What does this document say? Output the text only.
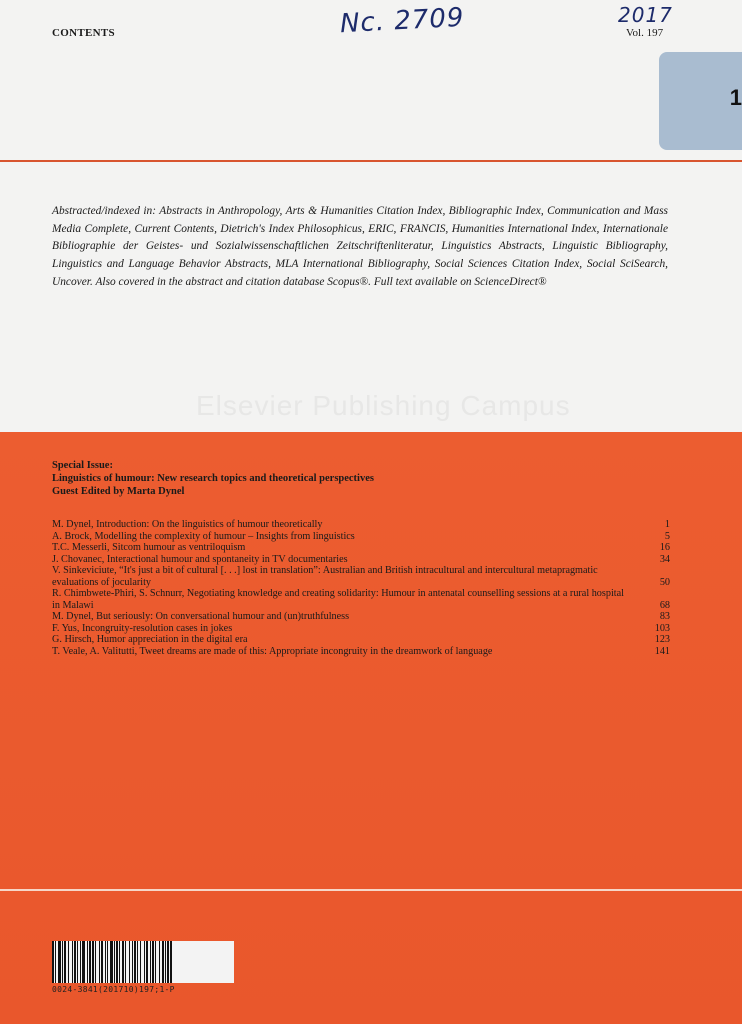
CONTENTS	Nc. 2709	2017
Vol. 197
1
Abstracted/indexed in: Abstracts in Anthropology, Arts & Humanities Citation Index, Bibliographic Index, Communication and Mass Media Complete, Current Contents, Dietrich's Index Philosophicus, ERIC, FRANCIS, Humanities International Index, Internationale Bibliographie der Geistes- und Sozialwissenschaftlichen Zeitschriftenliteratur, Linguistics Abstracts, Linguistic Bibliography, Linguistics and Language Behavior Abstracts, MLA International Bibliography, Social Sciences Citation Index, Social SciSearch, Uncover. Also covered in the abstract and citation database Scopus®. Full text available on ScienceDirect®
Elsevier Publishing Campus
Special Issue:
Linguistics of humour: New research topics and theoretical perspectives
Guest Edited by Marta Dynel
M. Dynel, Introduction: On the linguistics of humour theoretically	1
A. Brock, Modelling the complexity of humour – Insights from linguistics	5
T.C. Messerli, Sitcom humour as ventriloquism	16
J. Chovanec, Interactional humour and spontaneity in TV documentaries	34
V. Sinkeviciute, “It's just a bit of cultural [. . .] lost in translation”: Australian and British intracultural and intercultural metapragmatic evaluations of jocularity	50
R. Chimbwete-Phiri, S. Schnurr, Negotiating knowledge and creating solidarity: Humour in antenatal counselling sessions at a rural hospital in Malawi	68
M. Dynel, But seriously: On conversational humour and (un)truthfulness	83
F. Yus, Incongruity-resolution cases in jokes	103
G. Hirsch, Humor appreciation in the digital era	123
T. Veale, A. Valitutti, Tweet dreams are made of this: Appropriate incongruity in the dreamwork of language	141
0024-3841(201710)197;1-P
